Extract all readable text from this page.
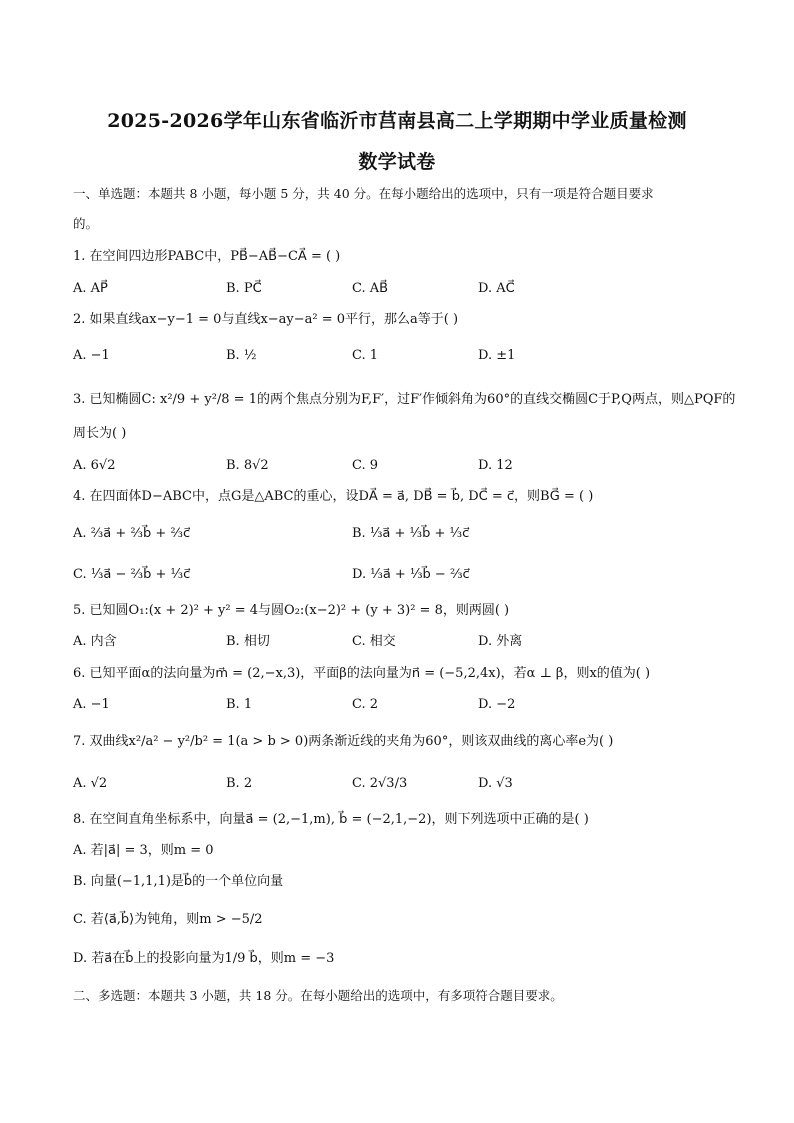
2025-2026学年山东省临沂市莒南县高二上学期期中学业质量检测
数学试卷
一、单选题：本题共 8 小题，每小题 5 分，共 40 分。在每小题给出的选项中，只有一项是符合题目要求
的。
1. 在空间四边形PABC中，PB⃗−AB⃗−CA⃗ = ( )
A. AP⃗	B. PC⃗	C. AB⃗	D. AC⃗
2. 如果直线ax−y−1 = 0与直线x−ay−a² = 0平行，那么a等于( )
A. −1	B. ½	C. 1	D. ±1
3. 已知椭圆C: x²/9 + y²/8 = 1的两个焦点分别为F,F′，过F′作倾斜角为60°的直线交椭圆C于P,Q两点，则△PQF的
周长为( )
A. 6√2	B. 8√2	C. 9	D. 12
4. 在四面体D−ABC中，点G是△ABC的重心，设DA⃗ = a⃗, DB⃗ = b⃗, DC⃗ = c⃗，则BG⃗ = ( )
A. ⅔a⃗ + ⅔b⃗ + ⅔c⃗	B. ⅓a⃗ + ⅓b⃗ + ⅓c⃗
C. ⅓a⃗ − ⅔b⃗ + ⅓c⃗	D. ⅓a⃗ + ⅓b⃗ − ⅔c⃗
5. 已知圆O₁:(x + 2)² + y² = 4与圆O₂:(x−2)² + (y + 3)² = 8，则两圆( )
A. 内含	B. 相切	C. 相交	D. 外离
6. 已知平面α的法向量为m⃗ = (2,−x,3)，平面β的法向量为n⃗ = (−5,2,4x)，若α ⊥ β，则x的值为( )
A. −1	B. 1	C. 2	D. −2
7. 双曲线x²/a² − y²/b² = 1(a > b > 0)两条渐近线的夹角为60°，则该双曲线的离心率e为( )
A. √2	B. 2	C. 2√3/3	D. √3
8. 在空间直角坐标系中，向量a⃗ = (2,−1,m), b⃗ = (−2,1,−2)，则下列选项中正确的是( )
A. 若|a⃗| = 3，则m = 0
B. 向量(−1,1,1)是b⃗的一个单位向量
C. 若⟨a⃗,b⃗⟩为钝角，则m > −5/2
D. 若a⃗在b⃗上的投影向量为1/9 b⃗，则m = −3
二、多选题：本题共 3 小题，共 18 分。在每小题给出的选项中，有多项符合题目要求。
